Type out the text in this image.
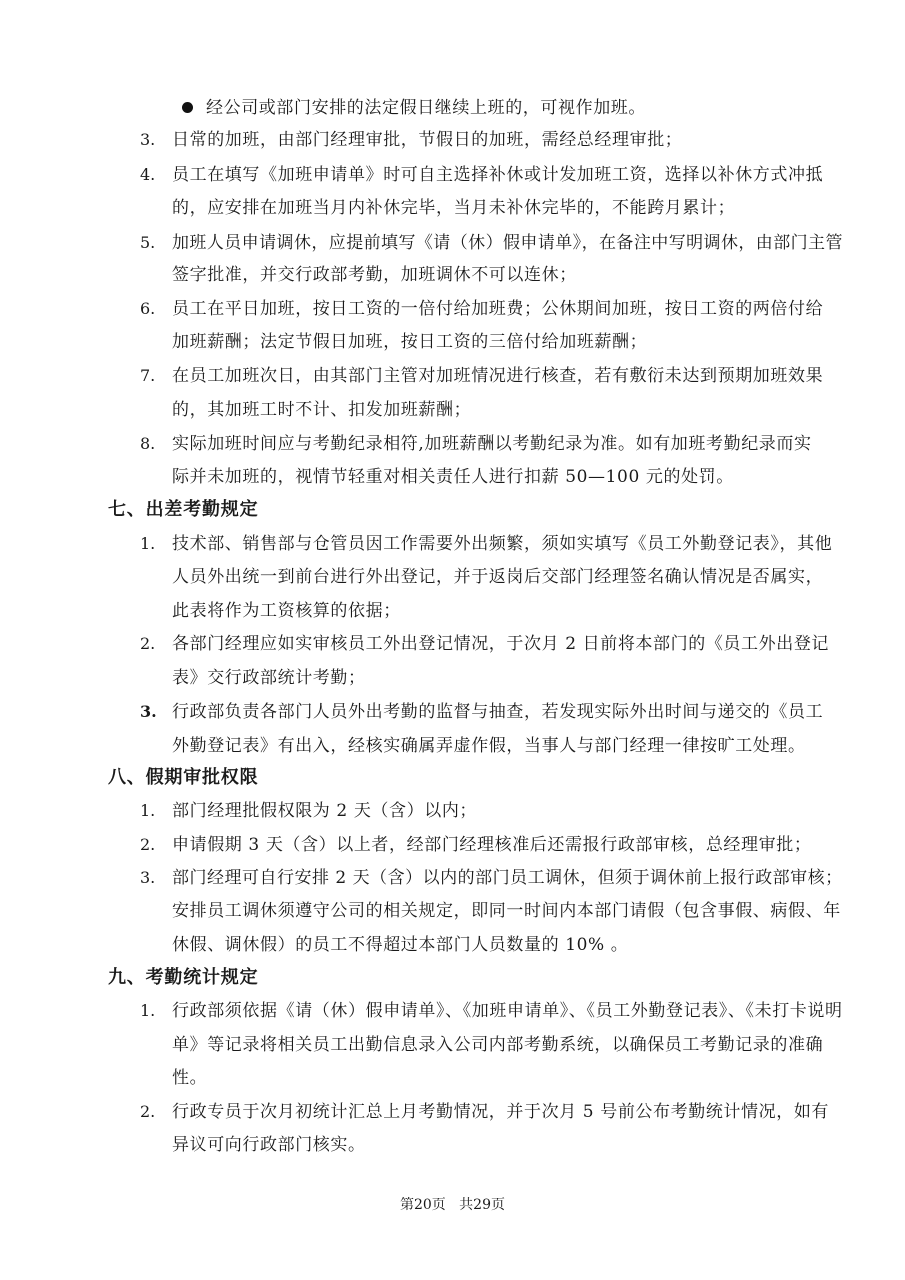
经公司或部门安排的法定假日继续上班的，可视作加班。
3. 日常的加班，由部门经理审批，节假日的加班，需经总经理审批；
4. 员工在填写《加班申请单》时可自主选择补休或计发加班工资，选择以补休方式冲抵
的，应安排在加班当月内补休完毕，当月未补休完毕的，不能跨月累计；
5. 加班人员申请调休，应提前填写《请（休）假申请单》，在备注中写明调休，由部门主管
签字批准，并交行政部考勤，加班调休不可以连休；
6. 员工在平日加班，按日工资的一倍付给加班费；公休期间加班，按日工资的两倍付给
加班薪酬；法定节假日加班，按日工资的三倍付给加班薪酬；
7. 在员工加班次日，由其部门主管对加班情况进行核查，若有敷衍未达到预期加班效果
的，其加班工时不计、扣发加班薪酬；
8. 实际加班时间应与考勤纪录相符,加班薪酬以考勤纪录为准。如有加班考勤纪录而实
际并未加班的，视情节轻重对相关责任人进行扣薪 50—100 元的处罚。
七、出差考勤规定
1. 技术部、销售部与仓管员因工作需要外出频繁，须如实填写《员工外勤登记表》，其他
人员外出统一到前台进行外出登记，并于返岗后交部门经理签名确认情况是否属实，
此表将作为工资核算的依据；
2. 各部门经理应如实审核员工外出登记情况，于次月 2 日前将本部门的《员工外出登记
表》交行政部统计考勤；
3. 行政部负责各部门人员外出考勤的监督与抽查，若发现实际外出时间与递交的《员工
外勤登记表》有出入，经核实确属弄虚作假，当事人与部门经理一律按旷工处理。
八、假期审批权限
1. 部门经理批假权限为 2 天（含）以内；
2. 申请假期 3 天（含）以上者，经部门经理核准后还需报行政部审核，总经理审批；
3. 部门经理可自行安排 2 天（含）以内的部门员工调休，但须于调休前上报行政部审核；
安排员工调休须遵守公司的相关规定，即同一时间内本部门请假（包含事假、病假、年
休假、调休假）的员工不得超过本部门人员数量的 10% 。
九、考勤统计规定
1. 行政部须依据《请（休）假申请单》、《加班申请单》、《员工外勤登记表》、《未打卡说明
单》等记录将相关员工出勤信息录入公司内部考勤系统，以确保员工考勤记录的准确
性。
2. 行政专员于次月初统计汇总上月考勤情况，并于次月 5 号前公布考勤统计情况，如有
异议可向行政部门核实。
第20页 共29页
